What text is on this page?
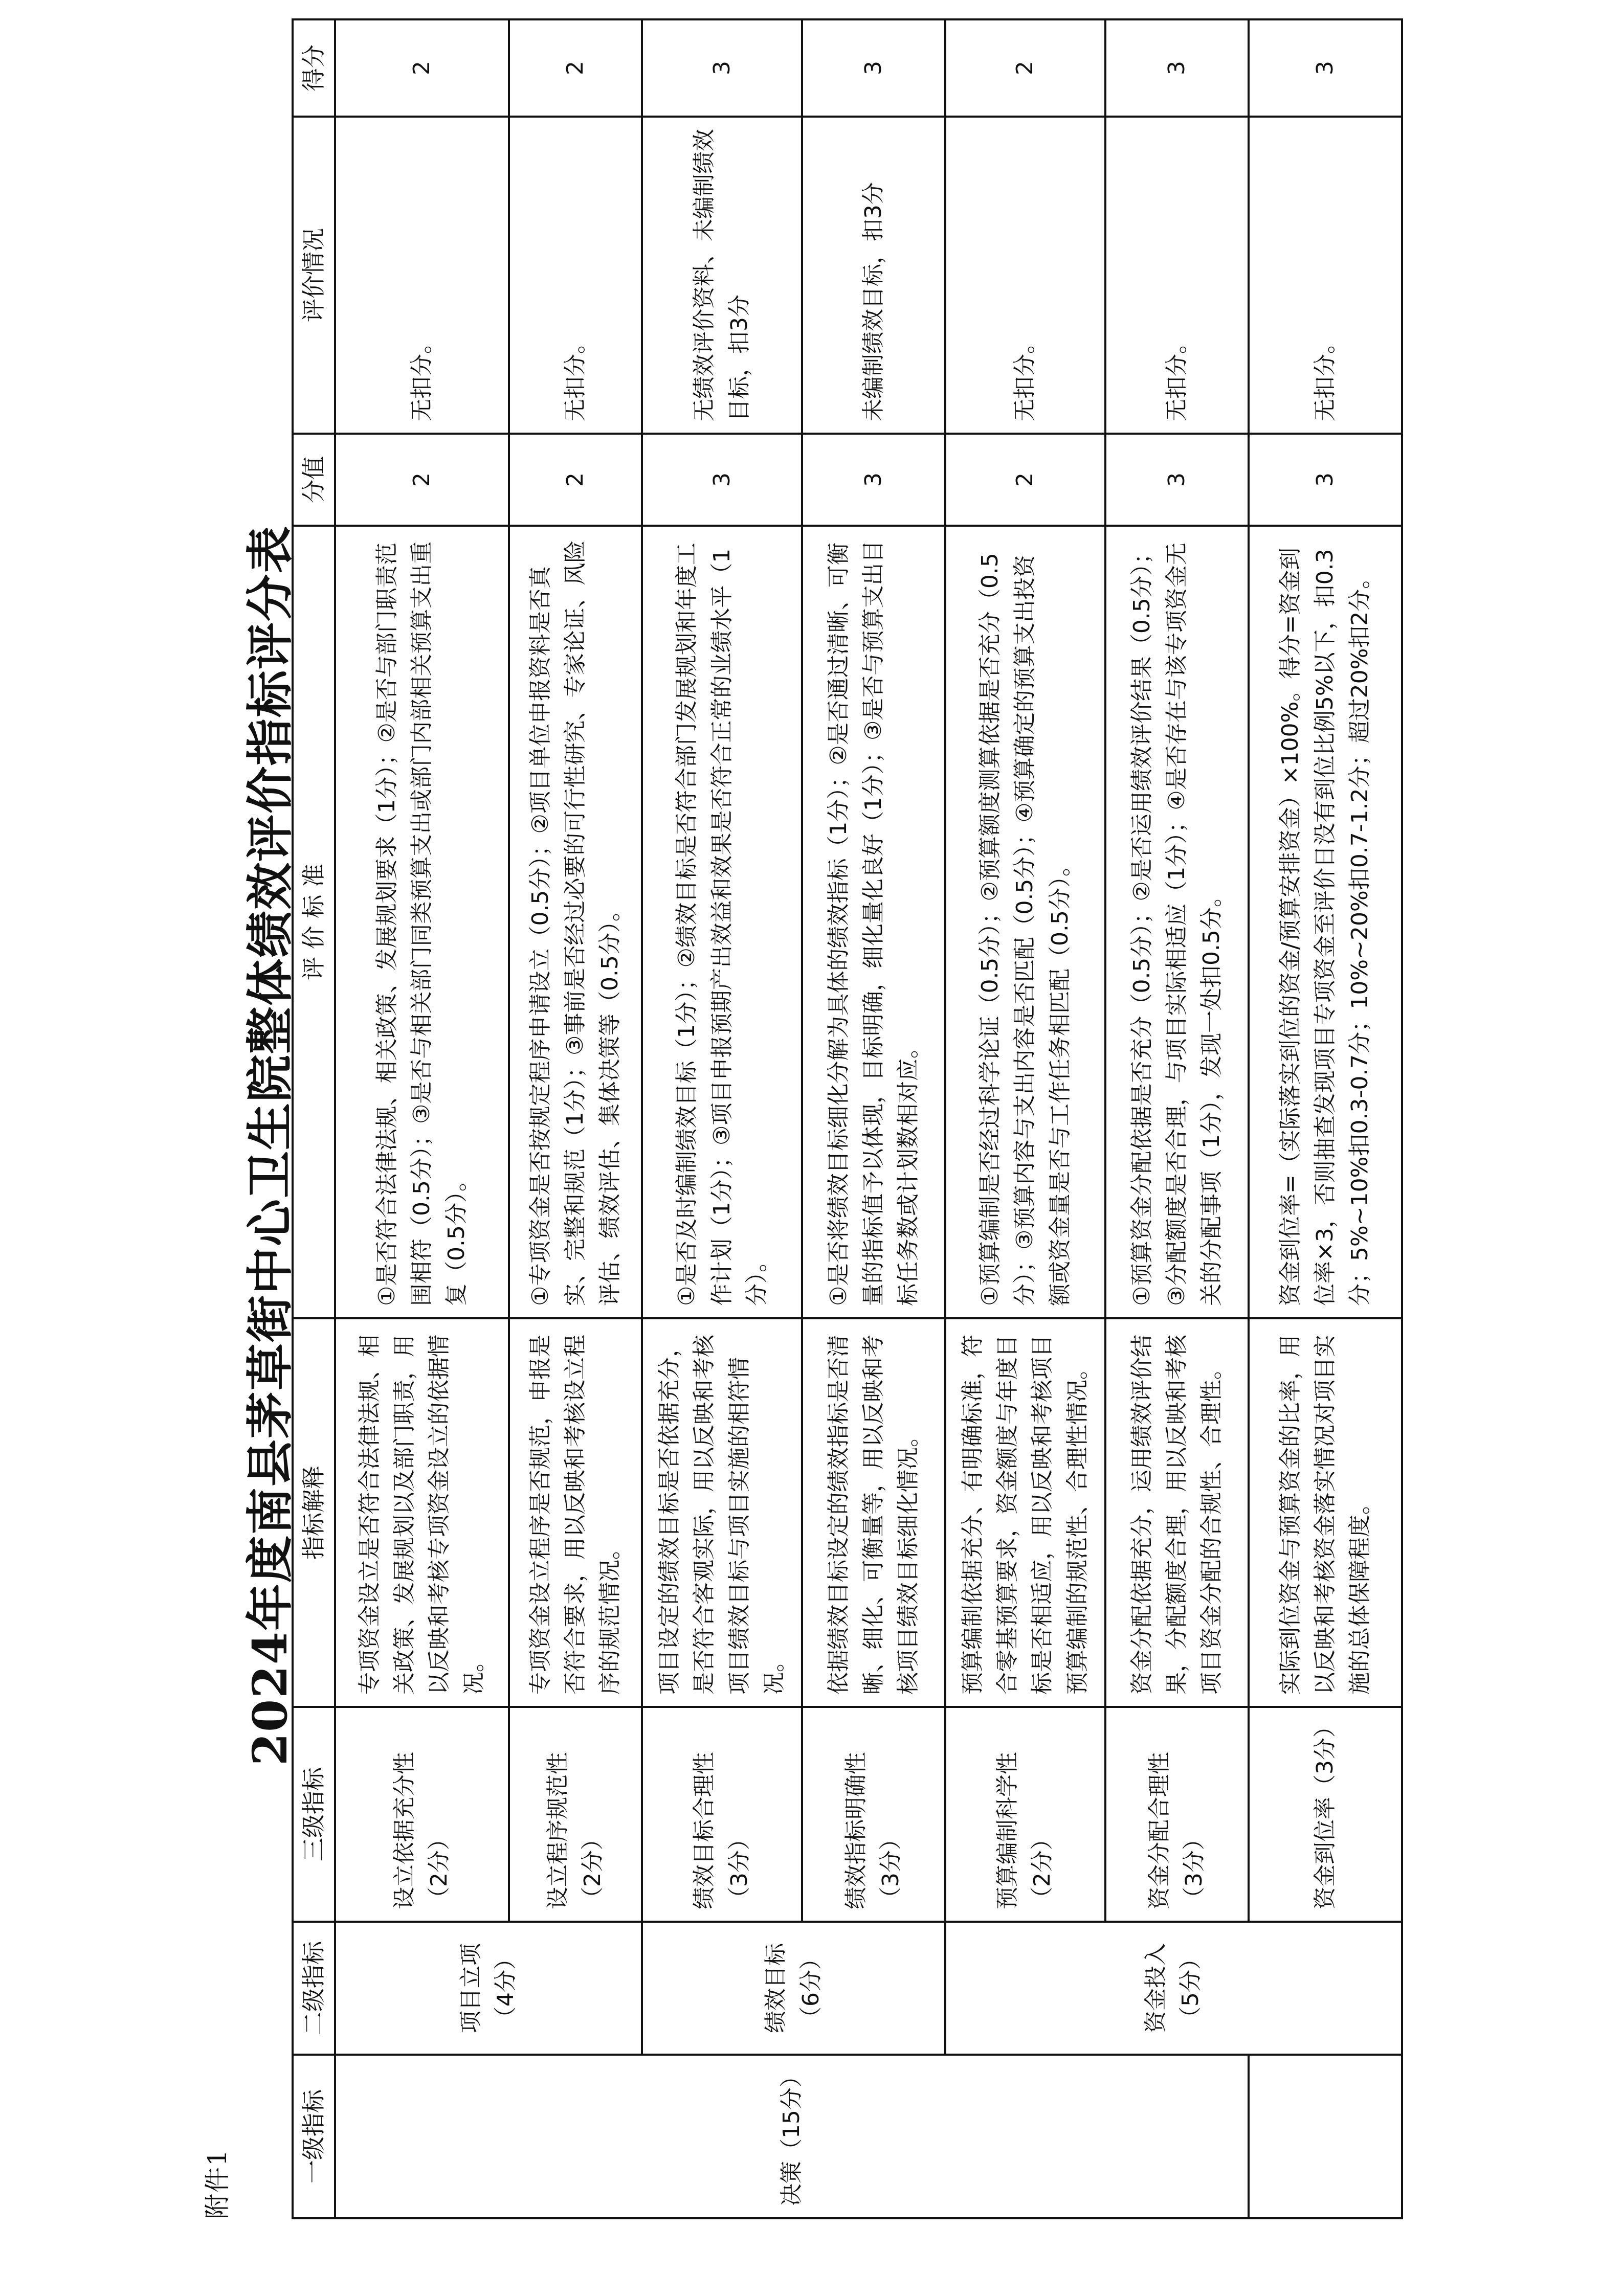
附件1
2024年度南县茅草街中心卫生院整体绩效评价指标评分表
一级指标	二级指标	三级指标	指标解释	评 价 标 准	分值	评价情况	得分
决策（15分）	项目立项（4分）	设立依据充分性（2分）	专项资金设立是否符合法律法规、相关政策、发展规划以及部门职责，用以反映和考核专项资金设立的依据情况。	①是否符合法律法规、相关政策、发展规划要求（1分）；②是否与部门职责范围相符（0.5分）；③是否与相关部门同类预算支出或部门内部相关预算支出重复（0.5分）。	2	无扣分。	2
		设立程序规范性（2分）	专项资金设立程序是否规范，申报是否符合要求，用以反映和考核设立程序的规范情况。	①专项资金是否按规定程序申请设立（0.5分）；②项目单位申报资料是否真实、完整和规范（1分）；③事前是否经过必要的可行性研究、专家论证、风险评估、绩效评估、集体决策等（0.5分）。	2	无扣分。	2
	绩效目标（6分）	绩效目标合理性（3分）	项目设定的绩效目标是否依据充分，是否符合客观实际，用以反映和考核项目绩效目标与项目实施的相符情况。	①是否及时编制绩效目标（1分）；②绩效目标是否符合部门发展规划和年度工作计划（1分）；③项目申报预期产出效益和效果是否符合正常的业绩水平（1分）。	3	无绩效评价资料、未编制绩效目标，扣3分	3
		绩效指标明确性（3分）	依据绩效目标设定的绩效指标是否清晰、细化、可衡量等，用以反映和考核项目绩效目标细化情况。	①是否将绩效目标细化分解为具体的绩效指标（1分）；②是否通过清晰、可衡量的指标值予以体现，目标明确，细化量化良好（1分）；③是否与预算支出目标任务数或计划数相对应。	3	未编制绩效目标，扣3分	3
	资金投入（5分）	预算编制科学性（2分）	预算编制依据充分、有明确标准，符合零基预算要求，资金额度与年度目标是否相适应，用以反映和考核项目预算编制的规范性、合理性情况。	①预算编制是否经过科学论证（0.5分）；②预算额度测算依据是否充分（0.5分）；③预算内容与支出内容是否匹配（0.5分）；④预算确定的预算支出投资额或资金量是否与工作任务相匹配（0.5分）。	2	无扣分。	2
		资金分配合理性（3分）	资金分配依据充分，运用绩效评价结果，分配额度合理，用以反映和考核项目资金分配的合规性、合理性。	①预算资金分配依据是否充分（0.5分）；②是否运用绩效评价结果（0.5分）；③分配额度是否合理，与项目实际相适应（1分）；④是否存在与该专项资金无关的分配事项（1分），发现一处扣0.5分。	3	无扣分。	3
		资金到位率（3分）	实际到位资金与预算资金的比率，用以反映和考核资金落实情况对项目实施的总体保障程度。	资金到位率=（实际落实到位的资金/预算安排资金）×100%。得分=资金到位率×3，否则抽查发现项目专项资金至评价日没有到位比例5%以下，扣0.3分；5%~10%扣0.3-0.7分；10%~20%扣0.7-1.2分；超过20%扣2分。	3	无扣分。	3
